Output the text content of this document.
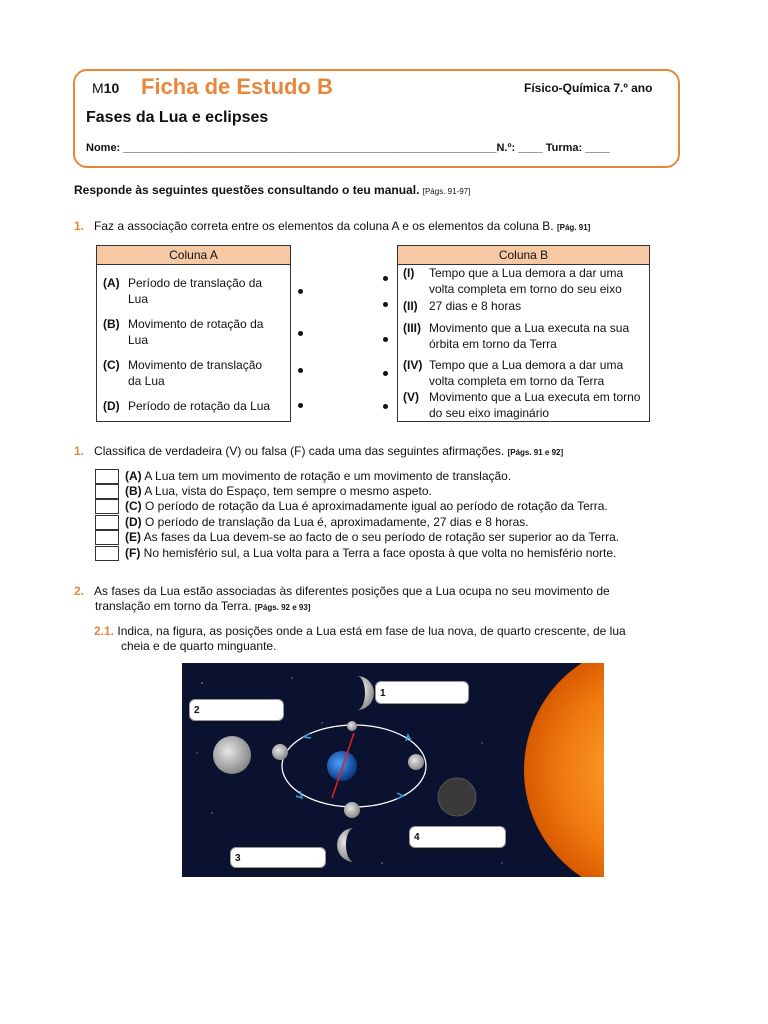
M10 Ficha de Estudo B	Físico-Química 7.º ano
Fases da Lua e eclipses
Nome: _____________________________________________________________N.º: ____ Turma: ____
Responde às seguintes questões consultando o teu manual. [Págs. 91-97]
1. Faz a associação correta entre os elementos da coluna A e os elementos da coluna B. [Pág. 91]
Coluna A
(A) Período de translação da Lua
(B) Movimento de rotação da Lua
(C) Movimento de translação da Lua
(D) Período de rotação da Lua
Coluna B
(I) Tempo que a Lua demora a dar uma volta completa em torno do seu eixo
(II) 27 dias e 8 horas
(III) Movimento que a Lua executa na sua órbita em torno da Terra
(IV) Tempo que a Lua demora a dar uma volta completa em torno da Terra
(V) Movimento que a Lua executa em torno do seu eixo imaginário
1. Classifica de verdadeira (V) ou falsa (F) cada uma das seguintes afirmações. [Págs. 91 e 92]
(A) A Lua tem um movimento de rotação e um movimento de translação.
(B) A Lua, vista do Espaço, tem sempre o mesmo aspeto.
(C) O período de rotação da Lua é aproximadamente igual ao período de rotação da Terra.
(D) O período de translação da Lua é, aproximadamente, 27 dias e 8 horas.
(E) As fases da Lua devem-se ao facto de o seu período de rotação ser superior ao da Terra.
(F) No hemisfério sul, a Lua volta para a Terra a face oposta à que volta no hemisfério norte.
2. As fases da Lua estão associadas às diferentes posições que a Lua ocupa no seu movimento de
translação em torno da Terra. [Págs. 92 e 93]
2.1. Indica, na figura, as posições onde a Lua está em fase de lua nova, de quarto crescente, de lua
cheia e de quarto minguante.
1
2
3
4
